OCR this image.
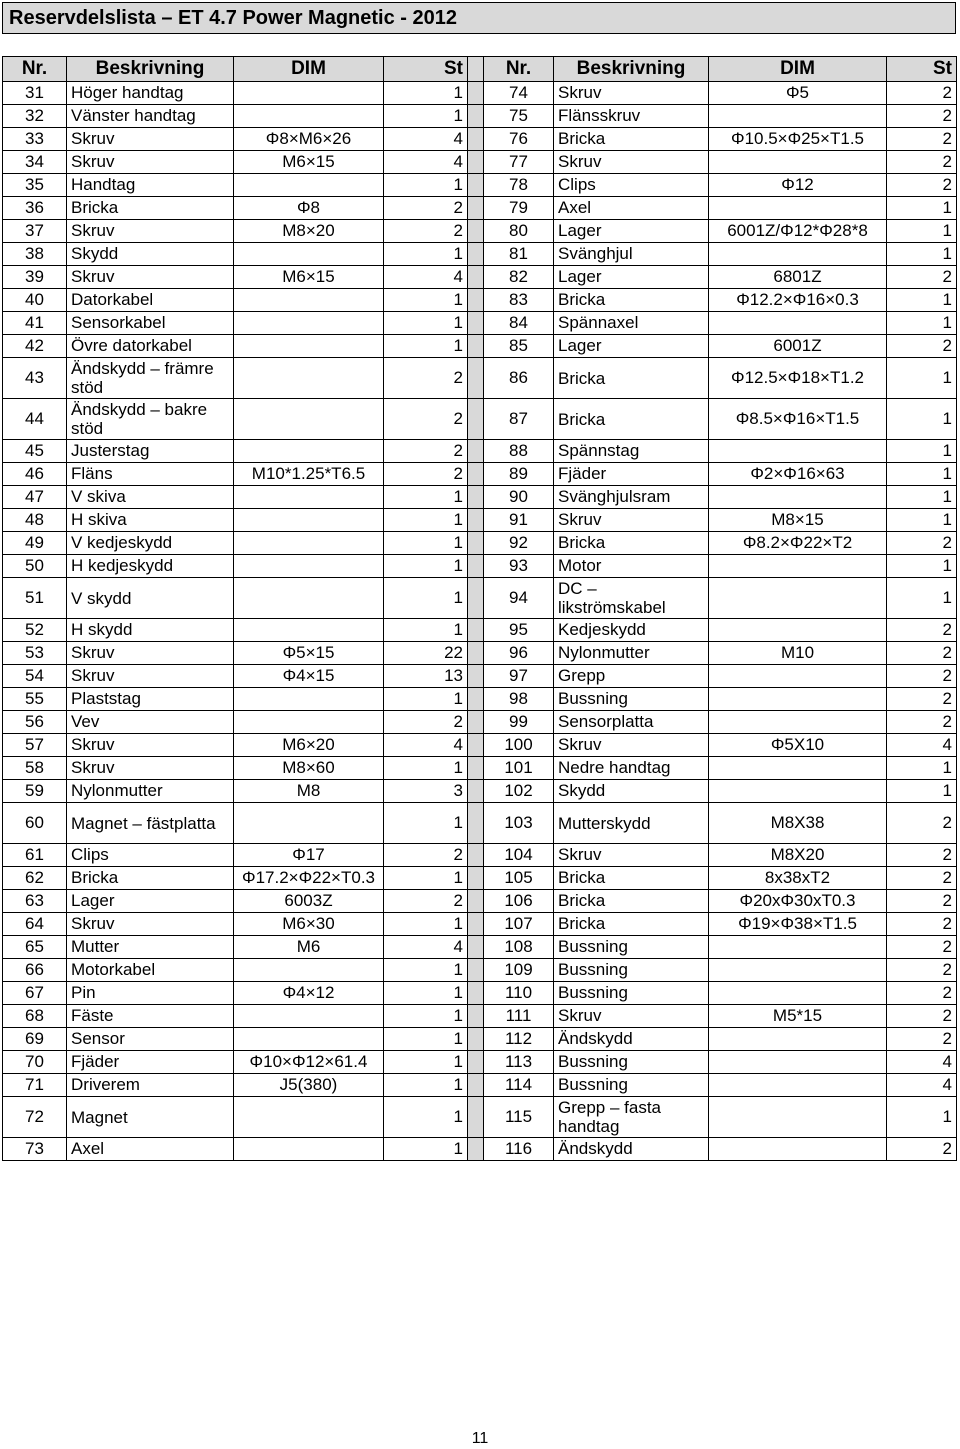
Reservdelslista – ET 4.7 Power Magnetic - 2012
Nr.	Beskrivning	DIM	St		Nr.	Beskrivning	DIM	St
31	Höger handtag		1		74	Skruv	Φ5	2
32	Vänster handtag		1		75	Flänsskruv		2
33	Skruv	Φ8×M6×26	4		76	Bricka	Φ10.5×Φ25×T1.5	2
34	Skruv	M6×15	4		77	Skruv		2
35	Handtag		1		78	Clips	Φ12	2
36	Bricka	Φ8	2		79	Axel		1
37	Skruv	M8×20	2		80	Lager	6001Z/Φ12*Φ28*8	1
38	Skydd		1		81	Svänghjul		1
39	Skruv	M6×15	4		82	Lager	6801Z	2
40	Datorkabel		1		83	Bricka	Φ12.2×Φ16×0.3	1
41	Sensorkabel		1		84	Spännaxel		1
42	Övre datorkabel		1		85	Lager	6001Z	2
43	Ändskydd – främre stöd		2		86	Bricka	Φ12.5×Φ18×T1.2	1
44	Ändskydd – bakre stöd		2		87	Bricka	Φ8.5×Φ16×T1.5	1
45	Justerstag		2		88	Spännstag		1
46	Fläns	M10*1.25*T6.5	2		89	Fjäder	Φ2×Φ16×63	1
47	V skiva		1		90	Svänghjulsram		1
48	H skiva		1		91	Skruv	M8×15	1
49	V kedjeskydd		1		92	Bricka	Φ8.2×Φ22×T2	2
50	H kedjeskydd		1		93	Motor		1
51	V skydd		1		94	DC – likströmskabel		1
52	H skydd		1		95	Kedjeskydd		2
53	Skruv	Φ5×15	22		96	Nylonmutter	M10	2
54	Skruv	Φ4×15	13		97	Grepp		2
55	Plaststag		1		98	Bussning		2
56	Vev		2		99	Sensorplatta		2
57	Skruv	M6×20	4		100	Skruv	Φ5X10	4
58	Skruv	M8×60	1		101	Nedre handtag		1
59	Nylonmutter	M8	3		102	Skydd		1
60	Magnet – fästplatta		1		103	Mutterskydd	M8X38	2
61	Clips	Φ17	2		104	Skruv	M8X20	2
62	Bricka	Φ17.2×Φ22×T0.3	1		105	Bricka	8x38xT2	2
63	Lager	6003Z	2		106	Bricka	Φ20xΦ30xT0.3	2
64	Skruv	M6×30	1		107	Bricka	Φ19×Φ38×T1.5	2
65	Mutter	M6	4		108	Bussning		2
66	Motorkabel		1		109	Bussning		2
67	Pin	Φ4×12	1		110	Bussning		2
68	Fäste		1		111	Skruv	M5*15	2
69	Sensor		1		112	Ändskydd		2
70	Fjäder	Φ10×Φ12×61.4	1		113	Bussning		4
71	Driverem	J5(380)	1		114	Bussning		4
72	Magnet		1		115	Grepp – fasta handtag		1
73	Axel		1		116	Ändskydd		2
11
